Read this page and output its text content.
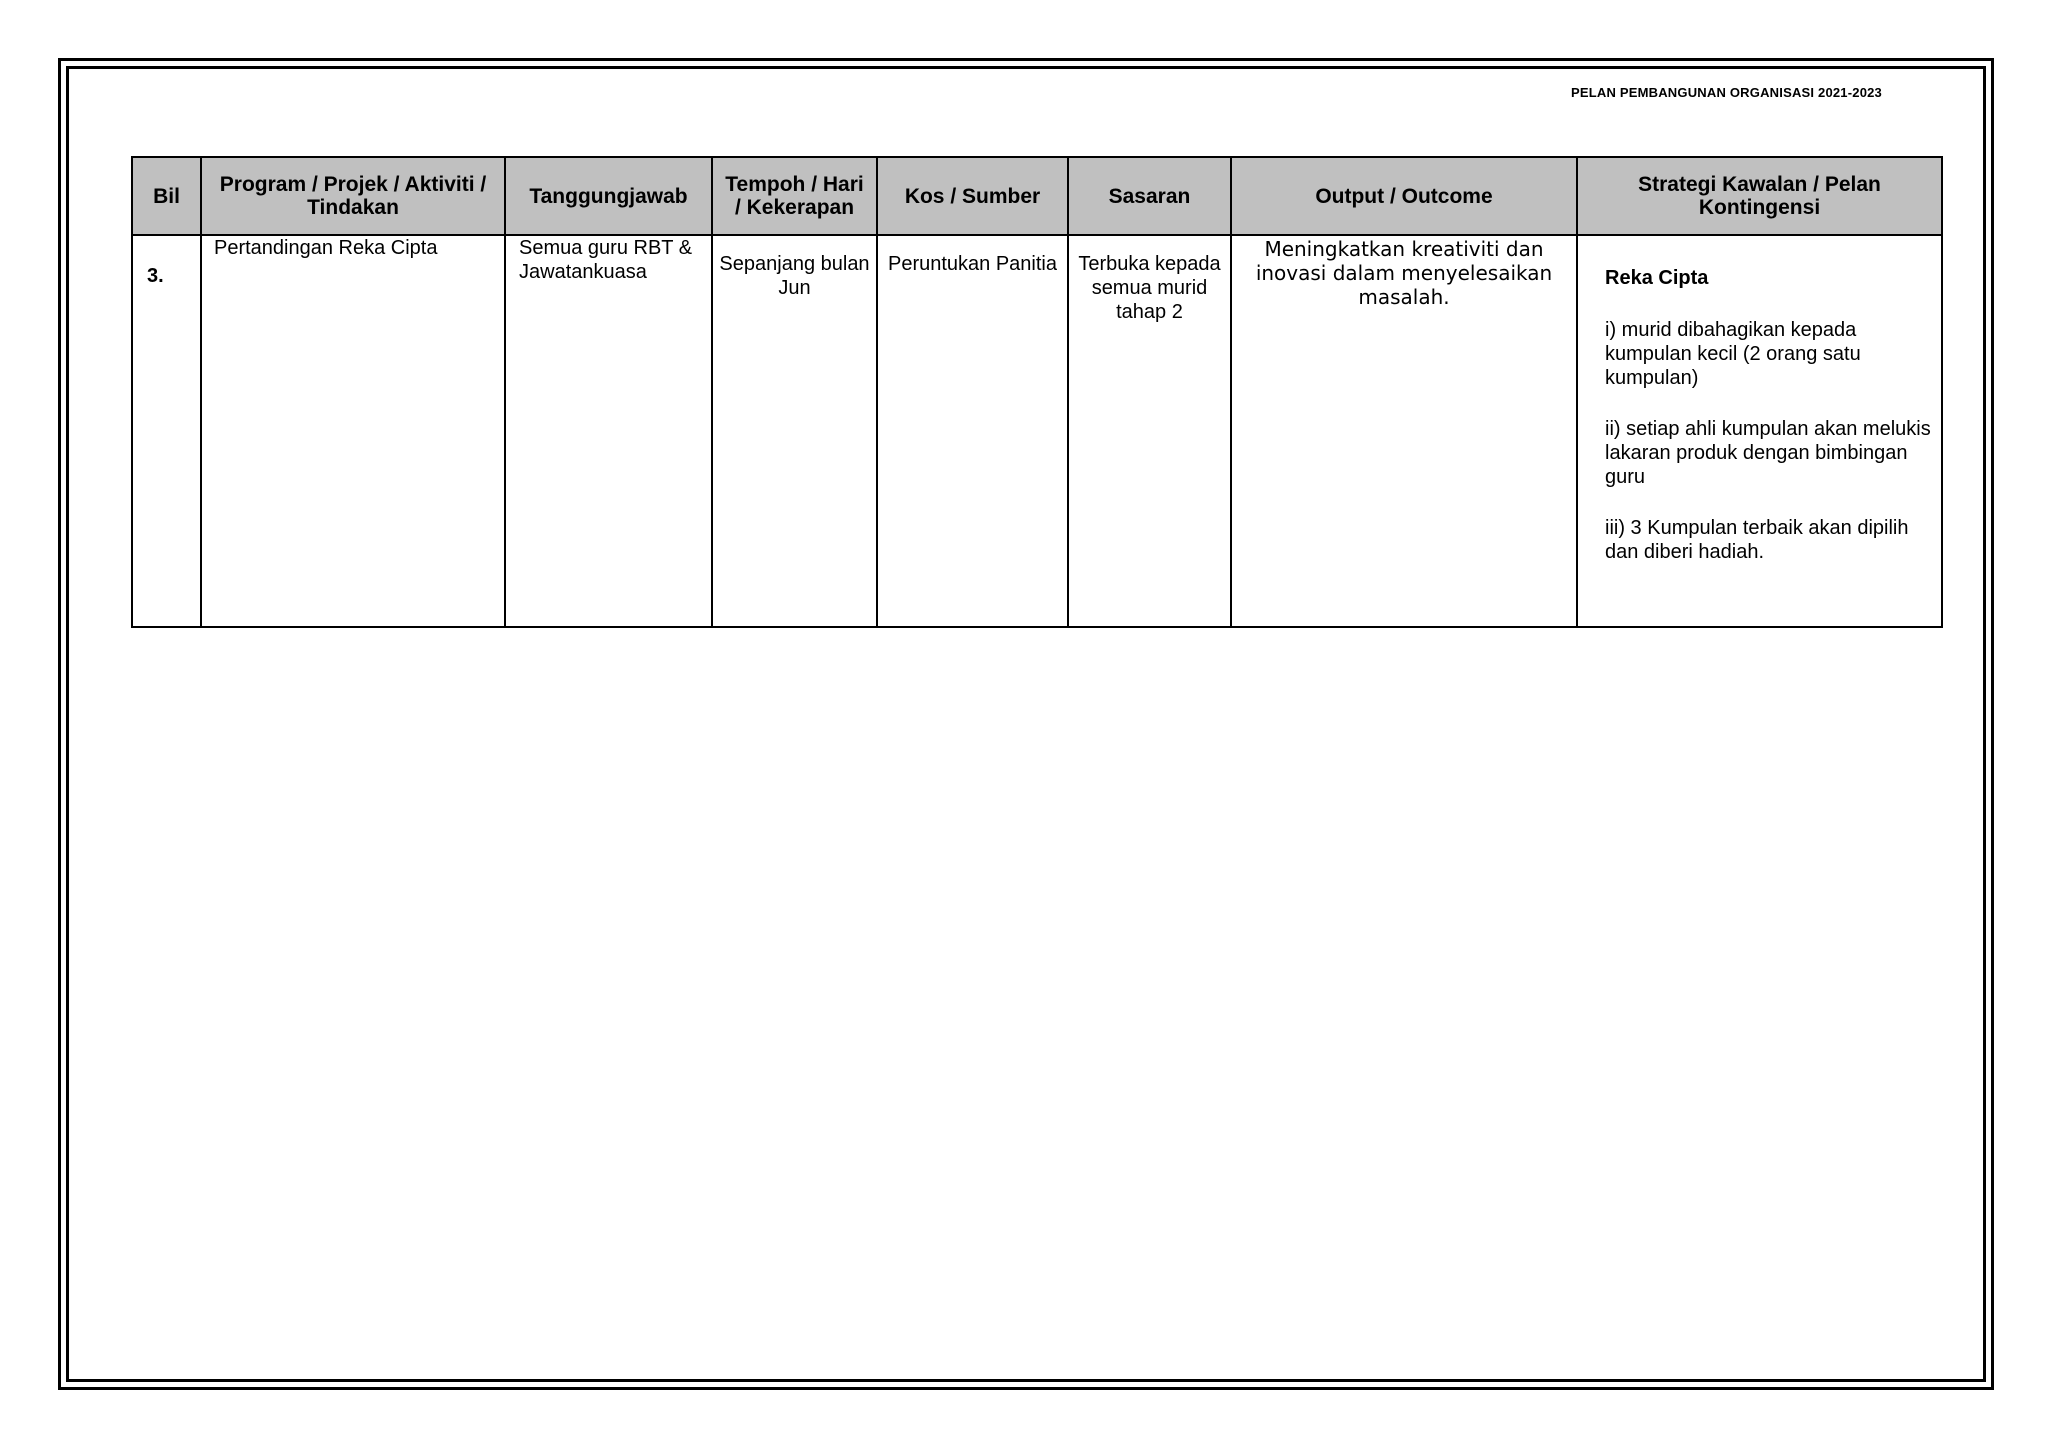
PELAN PEMBANGUNAN ORGANISASI 2021-2023
Bil	Program / Projek / Aktiviti / Tindakan	Tanggungjawab	Tempoh / Hari / Kekerapan	Kos / Sumber	Sasaran	Output / Outcome	Strategi Kawalan / Pelan Kontingensi
3.	Pertandingan Reka Cipta	Semua guru RBT & Jawatankuasa	Sepanjang bulan Jun	Peruntukan Panitia	Terbuka kepada semua murid tahap 2	Meningkatkan kreativiti dan inovasi dalam menyelesaikan masalah.	Reka Cipta
i) murid dibahagikan kepada kumpulan kecil (2 orang satu kumpulan)
ii) setiap ahli kumpulan akan melukis lakaran produk dengan bimbingan guru
iii) 3 Kumpulan terbaik akan dipilih dan diberi hadiah.
